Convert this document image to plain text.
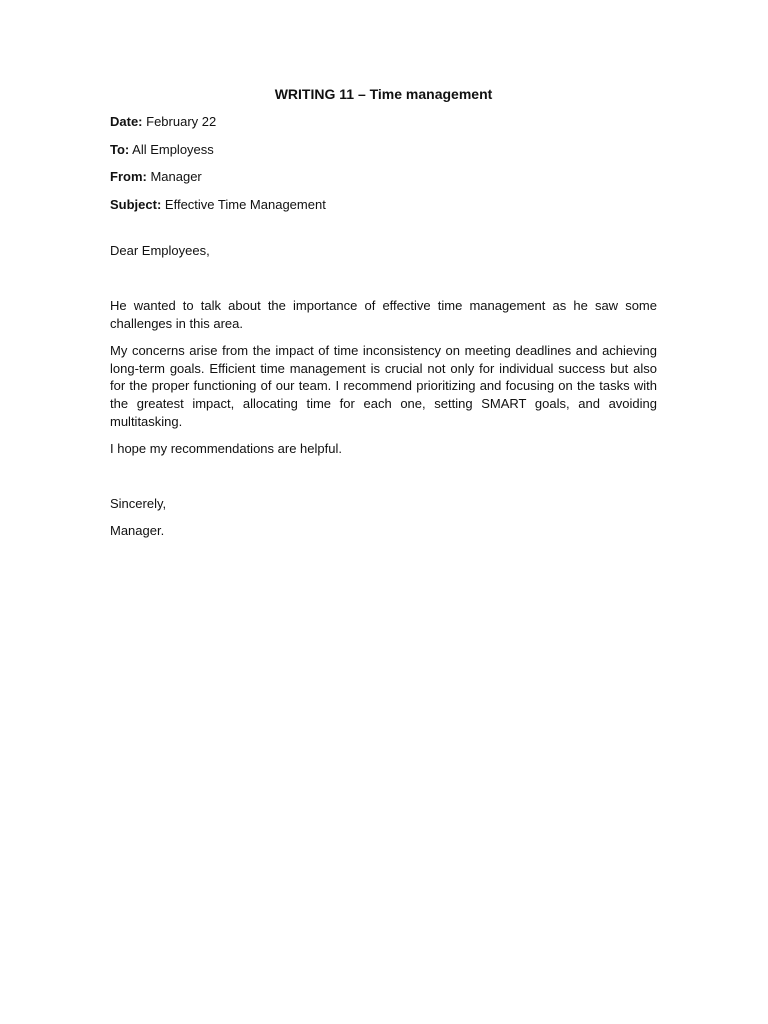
WRITING 11 – Time management
Date: February 22
To: All Employess
From: Manager
Subject: Effective Time Management

Dear Employees,

He wanted to talk about the importance of effective time management as he saw some challenges in this area.

My concerns arise from the impact of time inconsistency on meeting deadlines and achieving long-term goals. Efficient time management is crucial not only for individual success but also for the proper functioning of our team. I recommend prioritizing and focusing on the tasks with the greatest impact, allocating time for each one, setting SMART goals, and avoiding multitasking.

I hope my recommendations are helpful.

Sincerely,

Manager.
